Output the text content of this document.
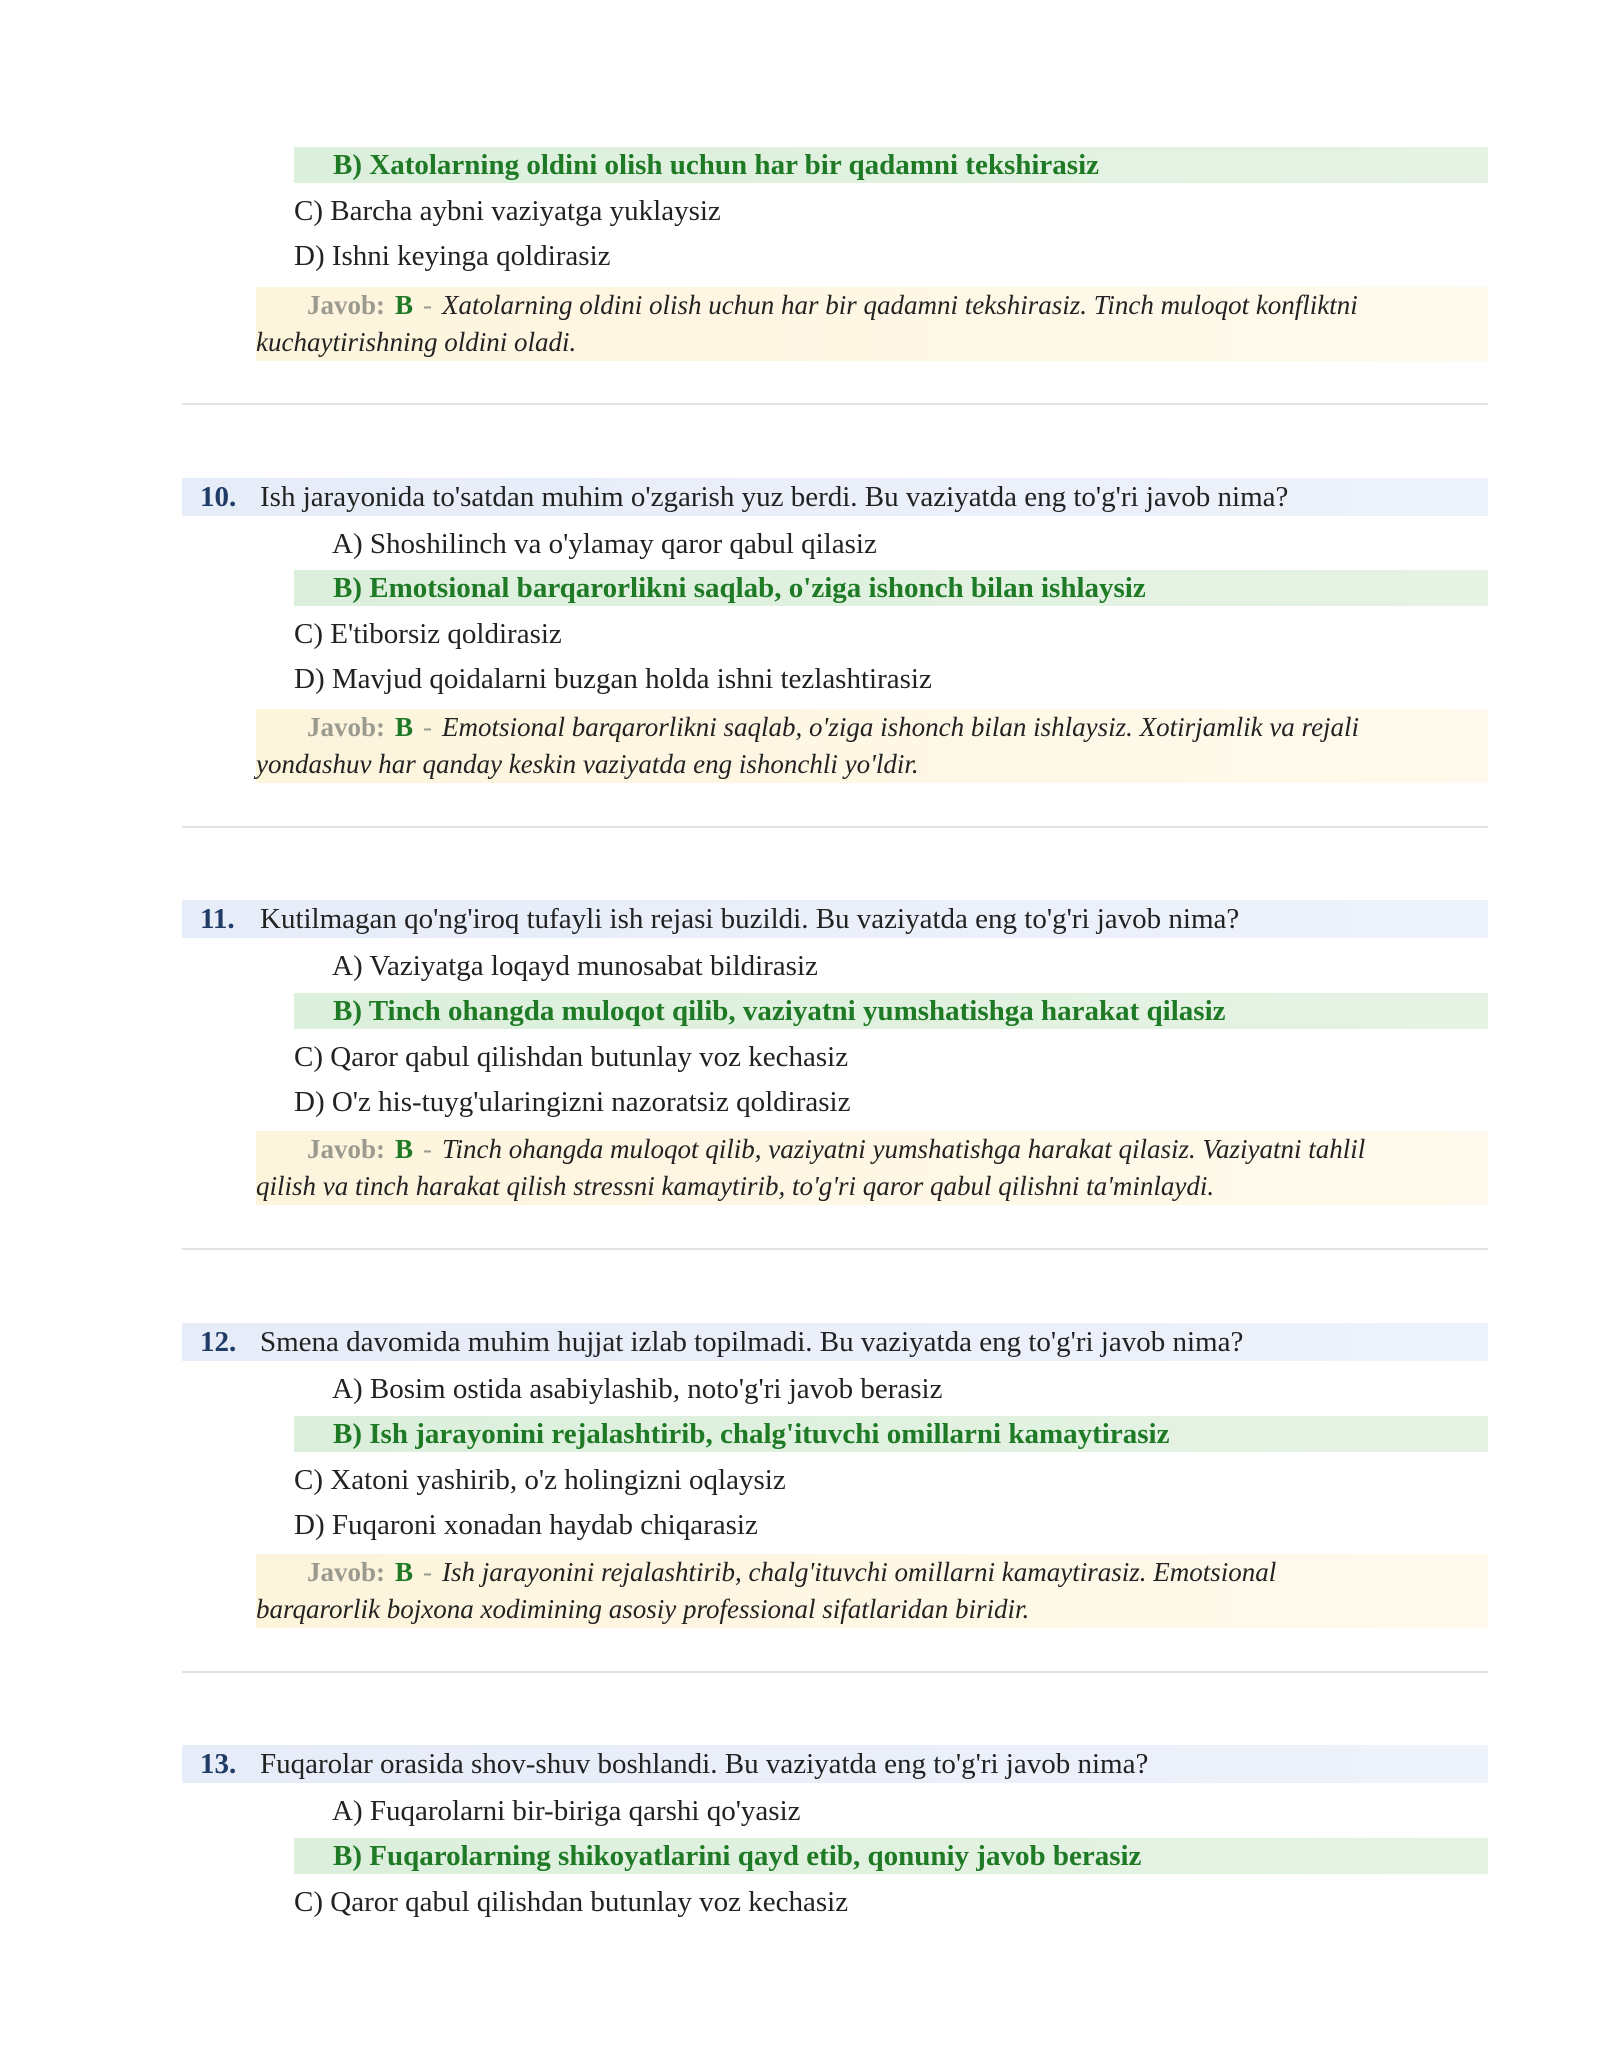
B) Xatolarning oldini olish uchun har bir qadamni tekshirasiz
C) Barcha aybni vaziyatga yuklaysiz
D) Ishni keyinga qoldirasiz
Javob: B - Xatolarning oldini olish uchun har bir qadamni tekshirasiz. Tinch muloqot konfliktni
kuchaytirishning oldini oladi.
10. Ish jarayonida to'satdan muhim o'zgarish yuz berdi. Bu vaziyatda eng to'g'ri javob nima?
A) Shoshilinch va o'ylamay qaror qabul qilasiz
B) Emotsional barqarorlikni saqlab, o'ziga ishonch bilan ishlaysiz
C) E'tiborsiz qoldirasiz
D) Mavjud qoidalarni buzgan holda ishni tezlashtirasiz
Javob: B - Emotsional barqarorlikni saqlab, o'ziga ishonch bilan ishlaysiz. Xotirjamlik va rejali
yondashuv har qanday keskin vaziyatda eng ishonchli yo'ldir.
11. Kutilmagan qo'ng'iroq tufayli ish rejasi buzildi. Bu vaziyatda eng to'g'ri javob nima?
A) Vaziyatga loqayd munosabat bildirasiz
B) Tinch ohangda muloqot qilib, vaziyatni yumshatishga harakat qilasiz
C) Qaror qabul qilishdan butunlay voz kechasiz
D) O'z his-tuyg'ularingizni nazoratsiz qoldirasiz
Javob: B - Tinch ohangda muloqot qilib, vaziyatni yumshatishga harakat qilasiz. Vaziyatni tahlil
qilish va tinch harakat qilish stressni kamaytirib, to'g'ri qaror qabul qilishni ta'minlaydi.
12. Smena davomida muhim hujjat izlab topilmadi. Bu vaziyatda eng to'g'ri javob nima?
A) Bosim ostida asabiylashib, noto'g'ri javob berasiz
B) Ish jarayonini rejalashtirib, chalg'ituvchi omillarni kamaytirasiz
C) Xatoni yashirib, o'z holingizni oqlaysiz
D) Fuqaroni xonadan haydab chiqarasiz
Javob: B - Ish jarayonini rejalashtirib, chalg'ituvchi omillarni kamaytirasiz. Emotsional
barqarorlik bojxona xodimining asosiy professional sifatlaridan biridir.
13. Fuqarolar orasida shov-shuv boshlandi. Bu vaziyatda eng to'g'ri javob nima?
A) Fuqarolarni bir-biriga qarshi qo'yasiz
B) Fuqarolarning shikoyatlarini qayd etib, qonuniy javob berasiz
C) Qaror qabul qilishdan butunlay voz kechasiz
